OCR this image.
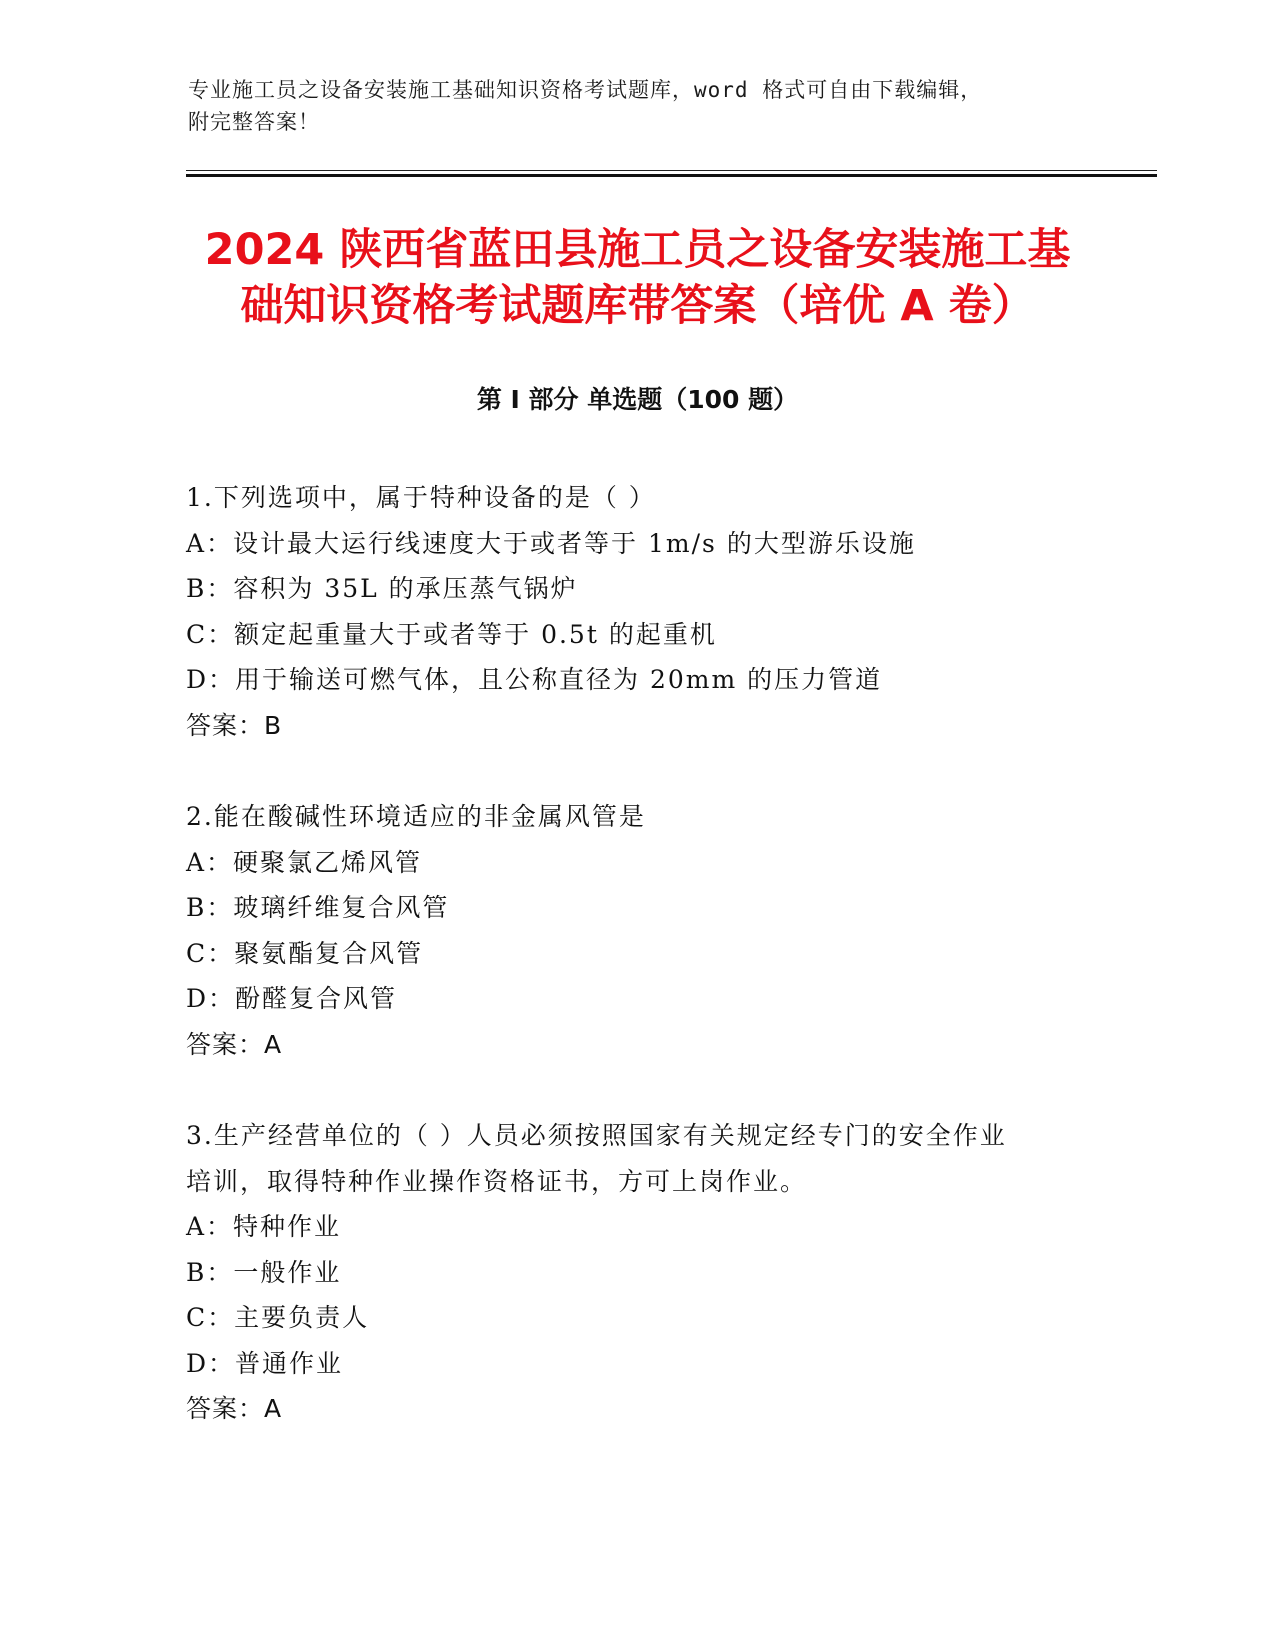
专业施工员之设备安装施工基础知识资格考试题库，word 格式可自由下载编辑，
附完整答案！
2024 陕西省蓝田县施工员之设备安装施工基
础知识资格考试题库带答案（培优 A 卷）
第 I 部分 单选题（100 题）
1.下列选项中，属于特种设备的是（ ）
A：设计最大运行线速度大于或者等于 1m/s 的大型游乐设施
B：容积为 35L 的承压蒸气锅炉
C：额定起重量大于或者等于 0.5t 的起重机
D：用于输送可燃气体，且公称直径为 20mm 的压力管道
答案：B
2.能在酸碱性环境适应的非金属风管是
A：硬聚氯乙烯风管
B：玻璃纤维复合风管
C：聚氨酯复合风管
D：酚醛复合风管
答案：A
3.生产经营单位的（ ）人员必须按照国家有关规定经专门的安全作业
培训，取得特种作业操作资格证书，方可上岗作业。
A：特种作业
B：一般作业
C：主要负责人
D：普通作业
答案：A
